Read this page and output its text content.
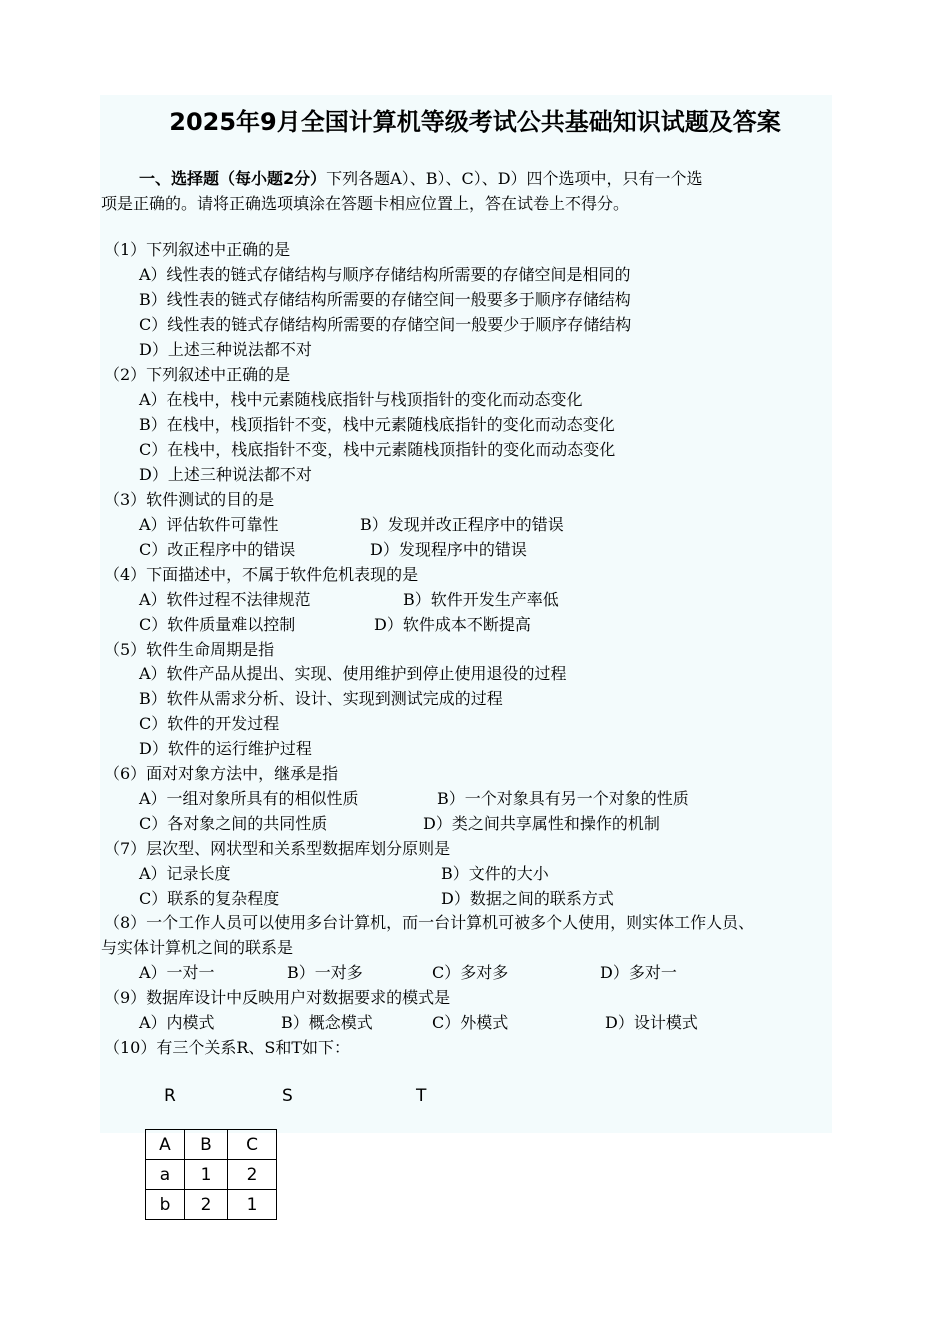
2025年9月全国计算机等级考试公共基础知识试题及答案
一、选择题（每小题2分）下列各题A）、B）、C）、D）四个选项中，只有一个选
项是正确的。请将正确选项填涂在答题卡相应位置上，答在试卷上不得分。
（1）下列叙述中正确的是
A）线性表的链式存储结构与顺序存储结构所需要的存储空间是相同的
B）线性表的链式存储结构所需要的存储空间一般要多于顺序存储结构
C）线性表的链式存储结构所需要的存储空间一般要少于顺序存储结构
D）上述三种说法都不对
（2）下列叙述中正确的是
A）在栈中，栈中元素随栈底指针与栈顶指针的变化而动态变化
B）在栈中，栈顶指针不变，栈中元素随栈底指针的变化而动态变化
C）在栈中，栈底指针不变，栈中元素随栈顶指针的变化而动态变化
D）上述三种说法都不对
（3）软件测试的目的是
A）评估软件可靠性	B）发现并改正程序中的错误
C）改正程序中的错误	D）发现程序中的错误
（4）下面描述中，不属于软件危机表现的是
A）软件过程不法律规范	B）软件开发生产率低
C）软件质量难以控制	D）软件成本不断提高
（5）软件生命周期是指
A）软件产品从提出、实现、使用维护到停止使用退役的过程
B）软件从需求分析、设计、实现到测试完成的过程
C）软件的开发过程
D）软件的运行维护过程
（6）面对对象方法中，继承是指
A）一组对象所具有的相似性质	B）一个对象具有另一个对象的性质
C）各对象之间的共同性质	D）类之间共享属性和操作的机制
（7）层次型、网状型和关系型数据库划分原则是
A）记录长度	B）文件的大小
C）联系的复杂程度	D）数据之间的联系方式
（8）一个工作人员可以使用多台计算机，而一台计算机可被多个人使用，则实体工作人员、
与实体计算机之间的联系是
A）一对一	B）一对多	C）多对多	D）多对一
（9）数据库设计中反映用户对数据要求的模式是
A）内模式	B）概念模式	C）外模式	D）设计模式
（10）有三个关系R、S和T如下：
R	S	T
A	B	C
a	1	2
b	2	1
